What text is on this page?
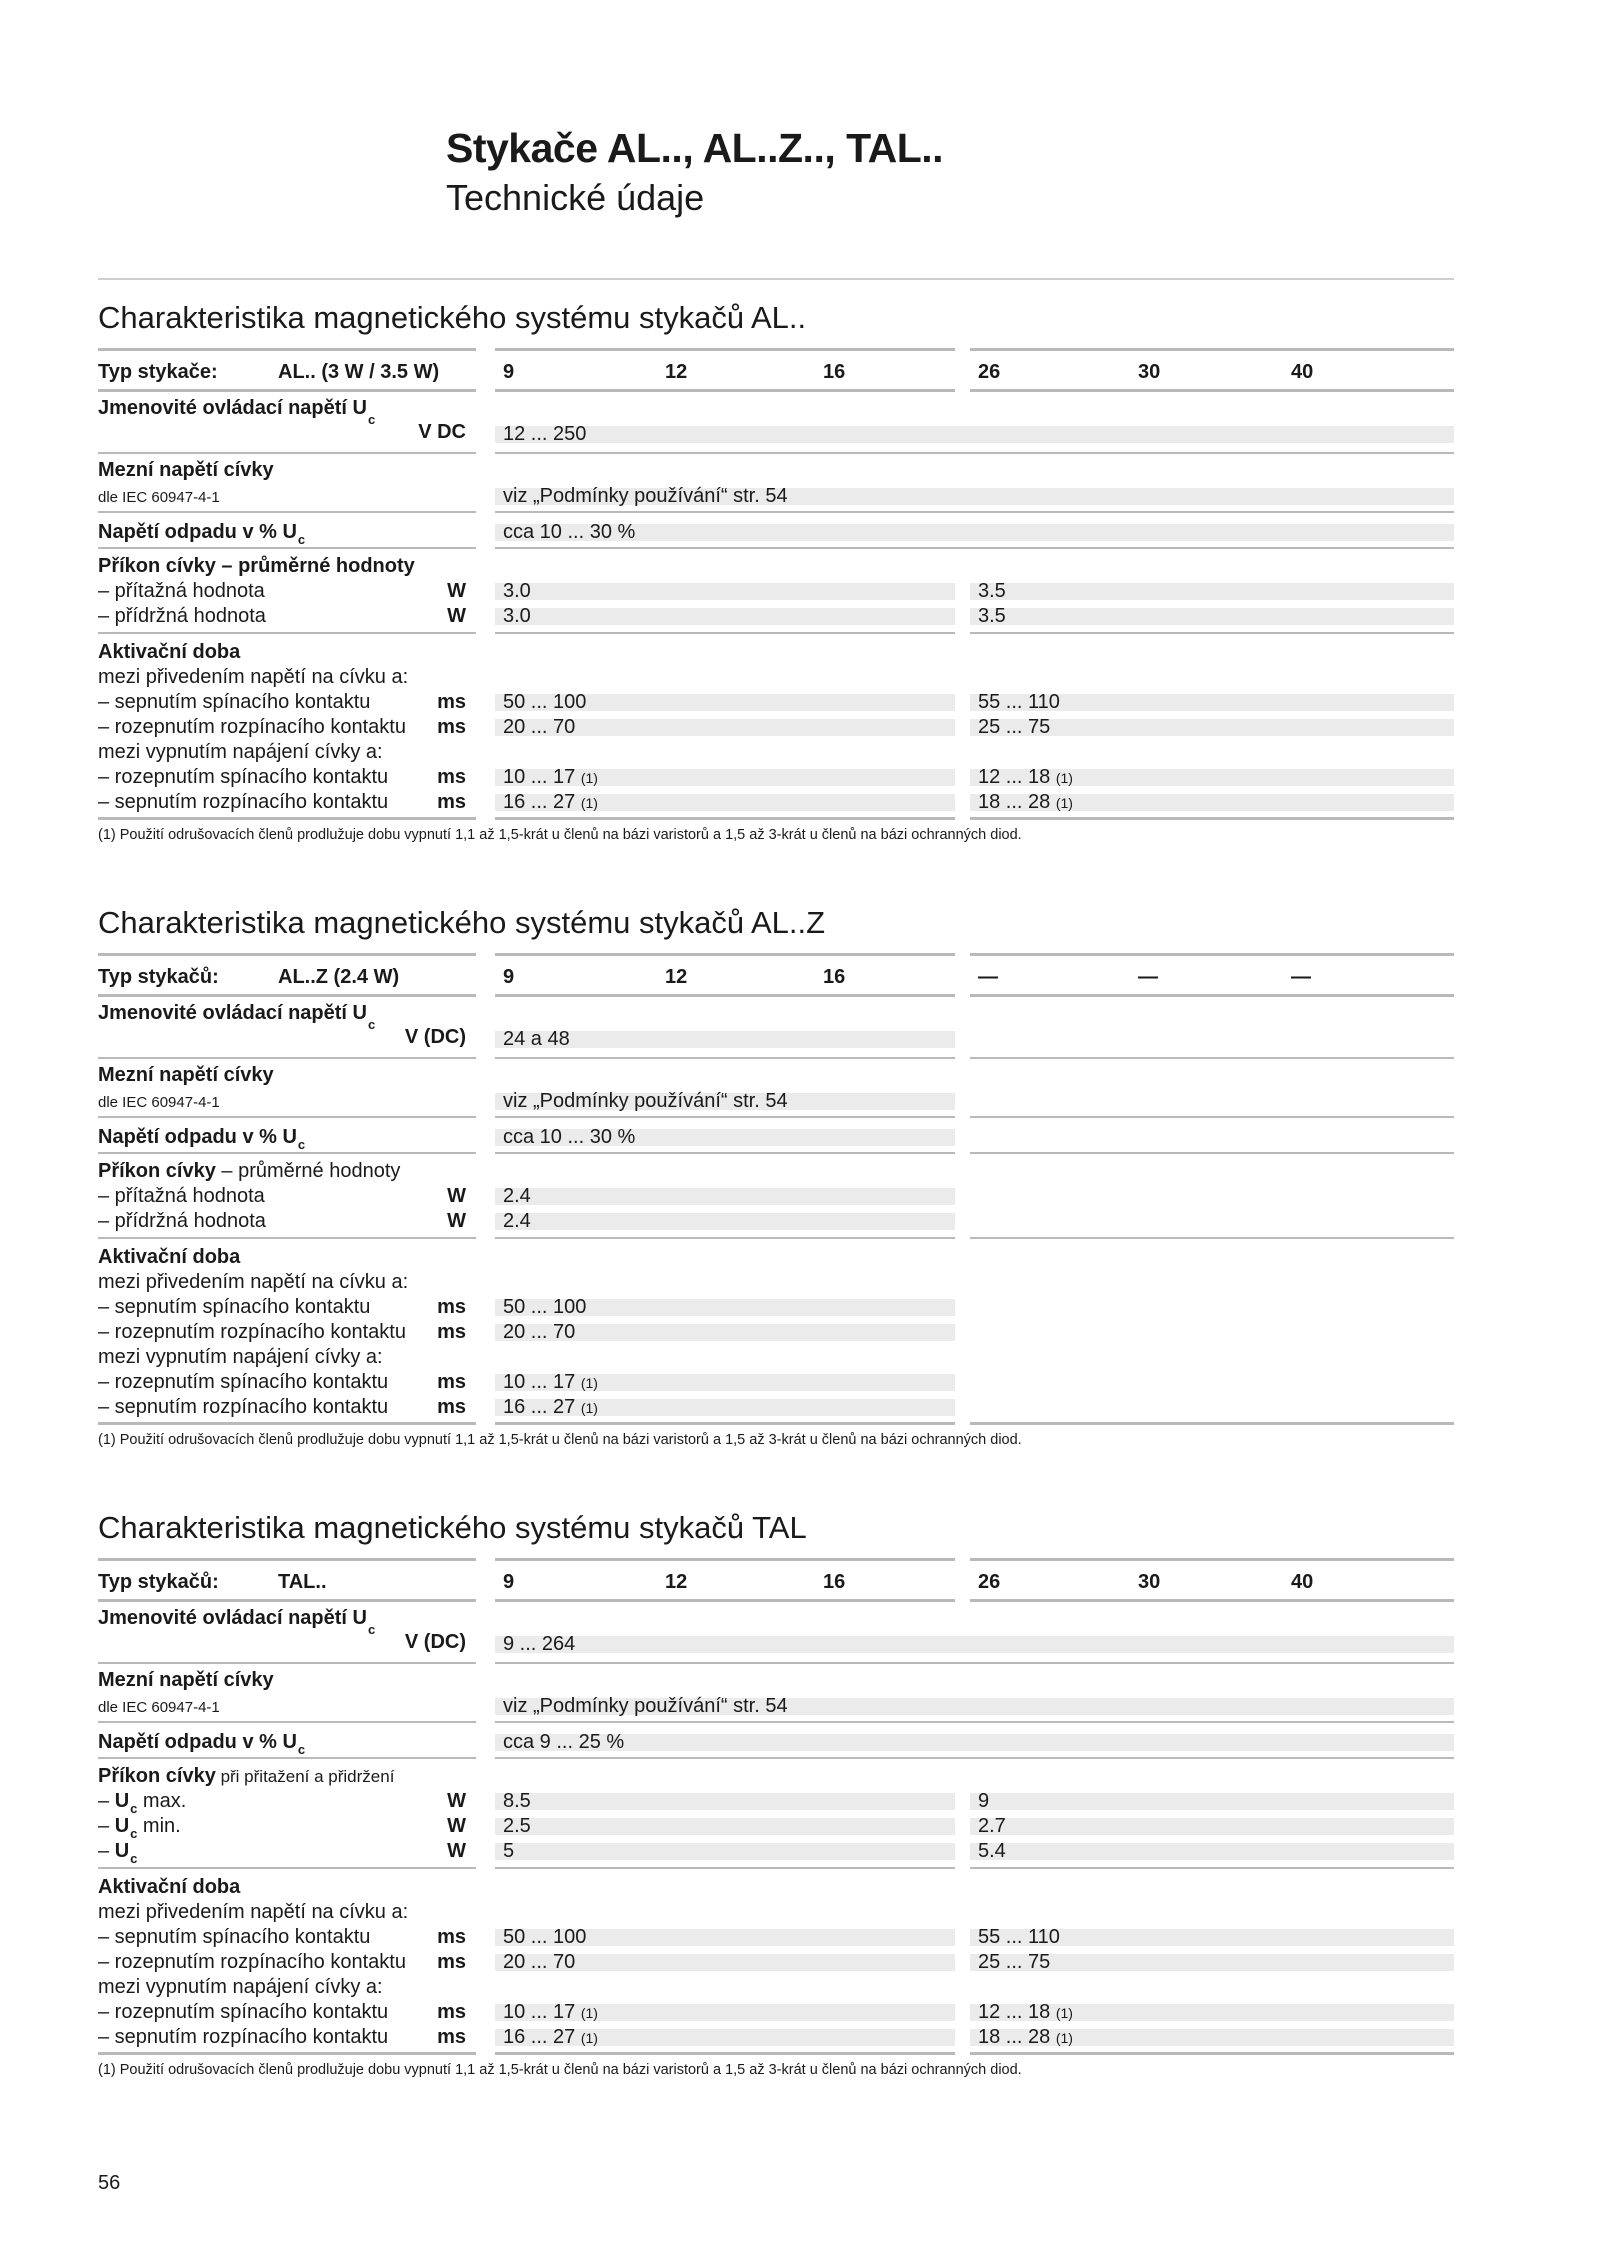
Stykače AL.., AL..Z.., TAL..
Technické údaje
Charakteristika magnetického systému stykačů AL..
Typ stykače:	AL.. (3 W / 3.5 W)	9	12	16	26	30	40
Jmenovité ovládací napětí $U_c$
V DC 12 ... 250
Mezní napětí cívky
dle IEC 60947-4-1	viz „Podmínky používání“ str. 54
Napětí odpadu v % $U_c$	cca 10 ... 30 %
Příkon cívky – průměrné hodnoty
– přítažná hodnota	W 3.0	3.5
– přídržná hodnota	W 3.0	3.5
Aktivační doba
mezi přivedením napětí na cívku a:
– sepnutím spínacího kontaktu	ms 50 ... 100	55 ... 110
– rozepnutím rozpínacího kontaktu	ms 20 ... 70	25 ... 75
mezi vypnutím napájení cívky a:
– rozepnutím spínacího kontaktu	ms 10 ... 17 (1)	12 ... 18 (1)
– sepnutím rozpínacího kontaktu	ms 16 ... 27 (1)	18 ... 28 (1)
(1) Použití odrušovacích členů prodlužuje dobu vypnutí 1,1 až 1,5-krát u členů na bázi varistorů a 1,5 až 3-krát u členů na bázi ochranných diod.
Charakteristika magnetického systému stykačů AL..Z
Typ stykačů:	AL..Z (2.4 W)	9	12	16	—	—	—
Jmenovité ovládací napětí $U_c$
V (DC) 24 a 48
Mezní napětí cívky
dle IEC 60947-4-1	viz „Podmínky používání“ str. 54
Napětí odpadu v % $U_c$	cca 10 ... 30 %
Příkon cívky – průměrné hodnoty
– přítažná hodnota	W 2.4
– přídržná hodnota	W 2.4
Aktivační doba
mezi přivedením napětí na cívku a:
– sepnutím spínacího kontaktu	ms 50 ... 100
– rozepnutím rozpínacího kontaktu	ms 20 ... 70
mezi vypnutím napájení cívky a:
– rozepnutím spínacího kontaktu	ms 10 ... 17 (1)
– sepnutím rozpínacího kontaktu	ms 16 ... 27 (1)
(1) Použití odrušovacích členů prodlužuje dobu vypnutí 1,1 až 1,5-krát u členů na bázi varistorů a 1,5 až 3-krát u členů na bázi ochranných diod.
Charakteristika magnetického systému stykačů TAL
Typ stykačů:	TAL..	9	12	16	26	30	40
Jmenovité ovládací napětí $U_c$
V (DC) 9 ... 264
Mezní napětí cívky
dle IEC 60947-4-1	viz „Podmínky používání“ str. 54
Napětí odpadu v % $U_c$	cca 9 ... 25 %
Příkon cívky při přitažení a přidržení
– $U_c$ max.	W 8.5	9
– $U_c$ min.	W 2.5	2.7
– $U_c$	W 5	5.4
Aktivační doba
mezi přivedením napětí na cívku a:
– sepnutím spínacího kontaktu	ms 50 ... 100	55 ... 110
– rozepnutím rozpínacího kontaktu	ms 20 ... 70	25 ... 75
mezi vypnutím napájení cívky a:
– rozepnutím spínacího kontaktu	ms 10 ... 17 (1)	12 ... 18 (1)
– sepnutím rozpínacího kontaktu	ms 16 ... 27 (1)	18 ... 28 (1)
(1) Použití odrušovacích členů prodlužuje dobu vypnutí 1,1 až 1,5-krát u členů na bázi varistorů a 1,5 až 3-krát u členů na bázi ochranných diod.
56
